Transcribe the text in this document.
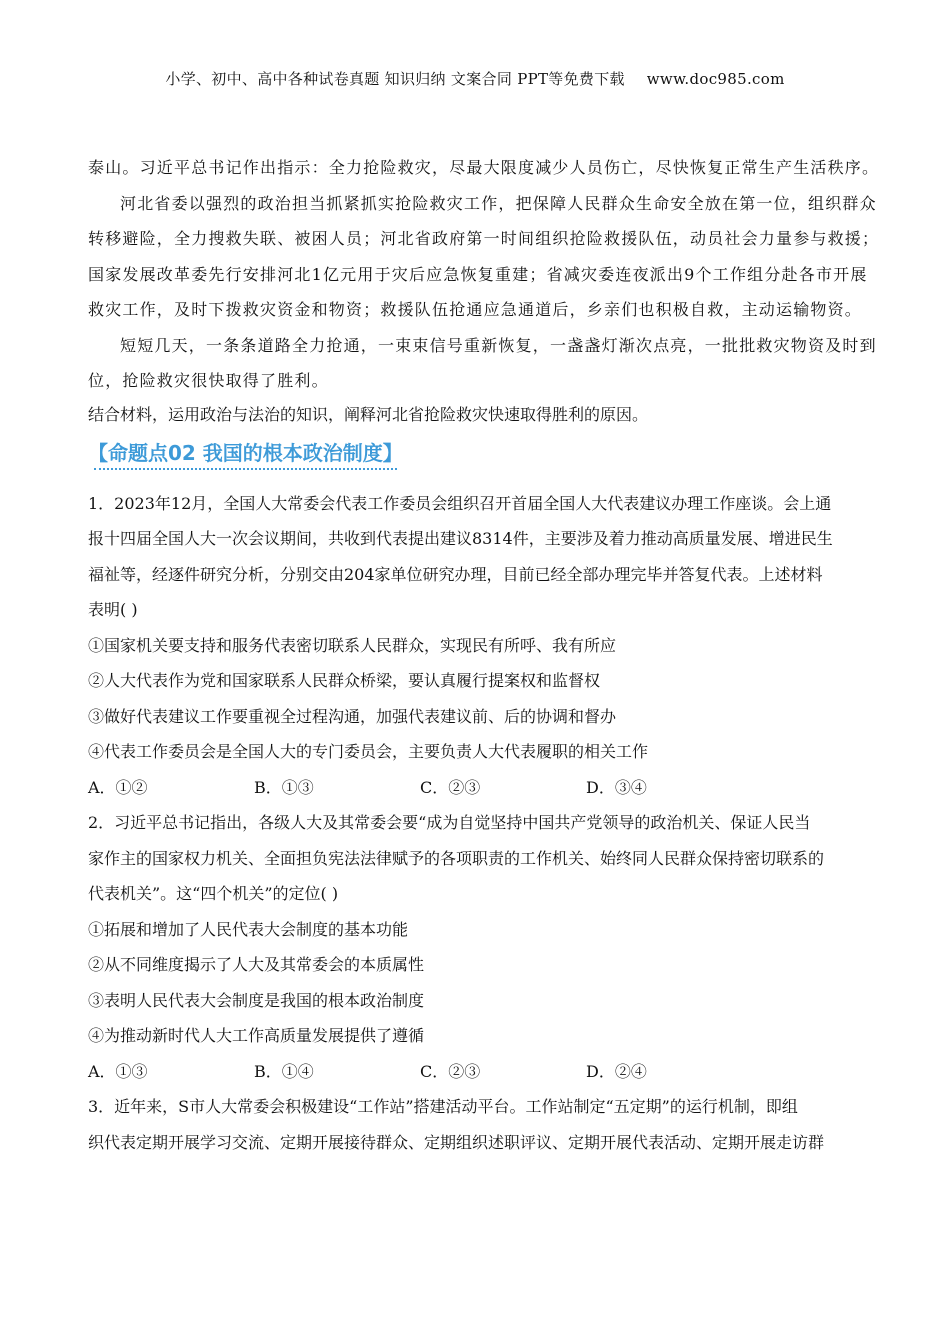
小学、初中、高中各种试卷真题 知识归纳 文案合同 PPT等免费下载 www.doc985.com
泰山。习近平总书记作出指示：全力抢险救灾，尽最大限度减少人员伤亡，尽快恢复正常生产生活秩序。
河北省委以强烈的政治担当抓紧抓实抢险救灾工作，把保障人民群众生命安全放在第一位，组织群众
转移避险，全力搜救失联、被困人员；河北省政府第一时间组织抢险救援队伍，动员社会力量参与救援；
国家发展改革委先行安排河北1亿元用于灾后应急恢复重建；省减灾委连夜派出9个工作组分赴各市开展
救灾工作，及时下拨救灾资金和物资；救援队伍抢通应急通道后，乡亲们也积极自救，主动运输物资。
短短几天，一条条道路全力抢通，一束束信号重新恢复，一盏盏灯渐次点亮，一批批救灾物资及时到
位，抢险救灾很快取得了胜利。
结合材料，运用政治与法治的知识，阐释河北省抢险救灾快速取得胜利的原因。
【命题点02 我国的根本政治制度】
1．2023年12月，全国人大常委会代表工作委员会组织召开首届全国人大代表建议办理工作座谈。会上通
报十四届全国人大一次会议期间，共收到代表提出建议8314件，主要涉及着力推动高质量发展、增进民生
福祉等，经逐件研究分析，分别交由204家单位研究办理，目前已经全部办理完毕并答复代表。上述材料
表明( )
①国家机关要支持和服务代表密切联系人民群众，实现民有所呼、我有所应
②人大代表作为党和国家联系人民群众桥梁，要认真履行提案权和监督权
③做好代表建议工作要重视全过程沟通，加强代表建议前、后的协调和督办
④代表工作委员会是全国人大的专门委员会，主要负责人大代表履职的相关工作
A．①②	B．①③	C．②③	D．③④
2．习近平总书记指出，各级人大及其常委会要“成为自觉坚持中国共产党领导的政治机关、保证人民当
家作主的国家权力机关、全面担负宪法法律赋予的各项职责的工作机关、始终同人民群众保持密切联系的
代表机关”。这“四个机关”的定位( )
①拓展和增加了人民代表大会制度的基本功能
②从不同维度揭示了人大及其常委会的本质属性
③表明人民代表大会制度是我国的根本政治制度
④为推动新时代人大工作高质量发展提供了遵循
A．①③	B．①④	C．②③	D．②④
3．近年来，S市人大常委会积极建设“工作站”搭建活动平台。工作站制定“五定期”的运行机制，即组
织代表定期开展学习交流、定期开展接待群众、定期组织述职评议、定期开展代表活动、定期开展走访群
